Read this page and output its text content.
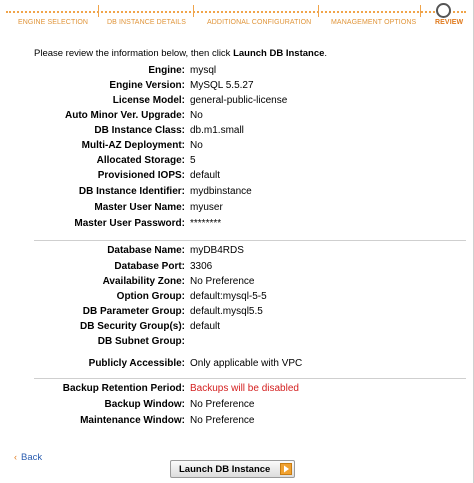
ENGINE SELECTION	DB INSTANCE DETAILS	ADDITIONAL CONFIGURATION	MANAGEMENT OPTIONS	REVIEW
Please review the information below, then click Launch DB Instance.
Engine: mysql
Engine Version: MySQL 5.5.27
License Model: general-public-license
Auto Minor Ver. Upgrade: No
DB Instance Class: db.m1.small
Multi-AZ Deployment: No
Allocated Storage: 5
Provisioned IOPS: default
DB Instance Identifier: mydbinstance
Master User Name: myuser
Master User Password: ********
Database Name: myDB4RDS
Database Port: 3306
Availability Zone: No Preference
Option Group: default:mysql-5-5
DB Parameter Group: default.mysql5.5
DB Security Group(s): default
DB Subnet Group:
Publicly Accessible: Only applicable with VPC
Backup Retention Period: Backups will be disabled
Backup Window: No Preference
Maintenance Window: No Preference
‹ Back
Launch DB Instance
